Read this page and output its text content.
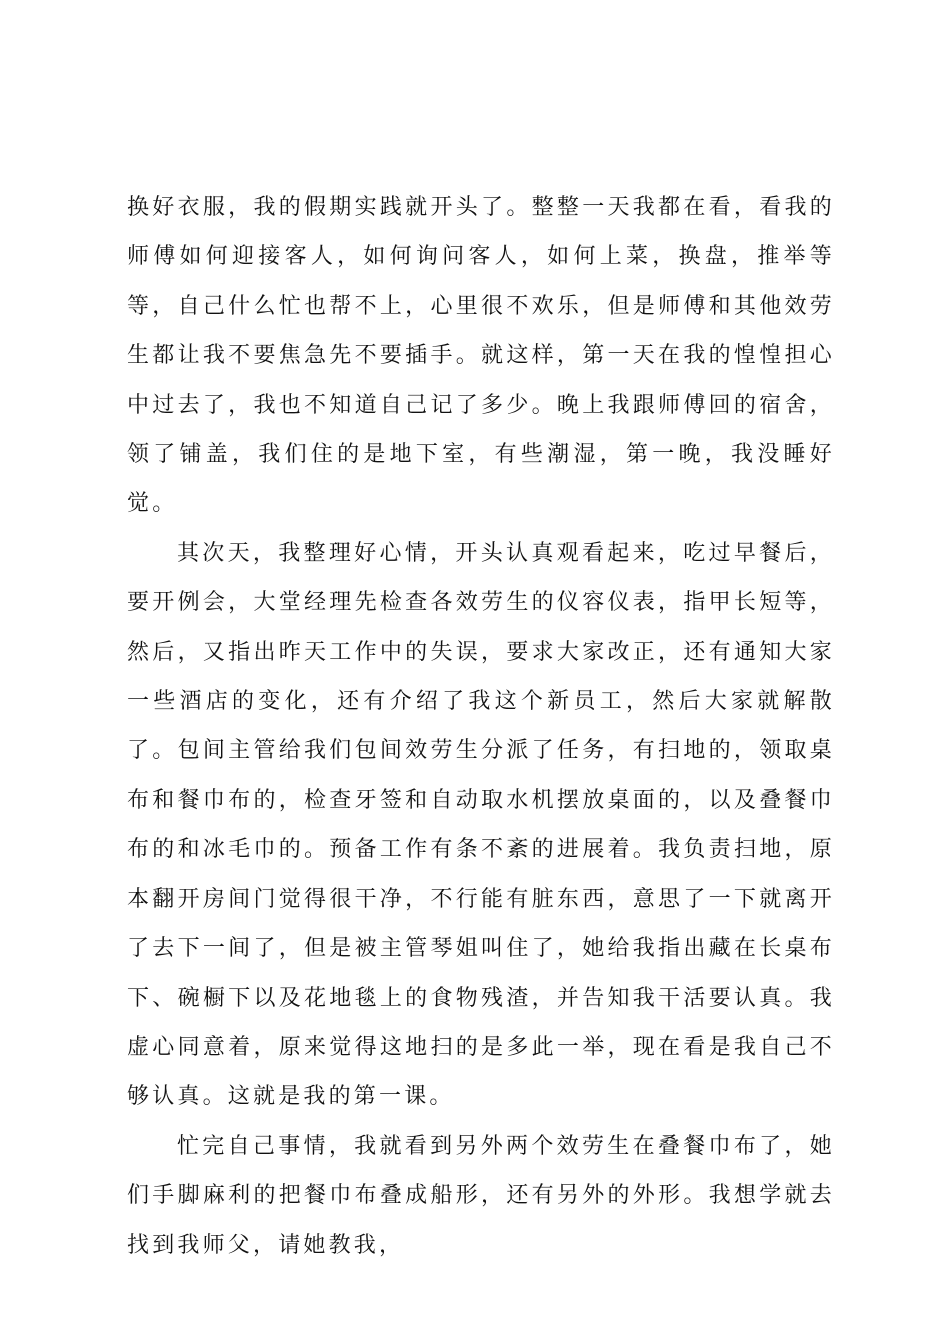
换好衣服，我的假期实践就开头了。整整一天我都在看，看我的师傅如何迎接客人，如何询问客人，如何上菜，换盘，推举等等，自己什么忙也帮不上，心里很不欢乐，但是师傅和其他效劳生都让我不要焦急先不要插手。就这样，第一天在我的惶惶担心中过去了，我也不知道自己记了多少。晚上我跟师傅回的宿舍，领了铺盖，我们住的是地下室，有些潮湿，第一晚，我没睡好觉。

其次天，我整理好心情，开头认真观看起来，吃过早餐后，要开例会，大堂经理先检查各效劳生的仪容仪表，指甲长短等，然后，又指出昨天工作中的失误，要求大家改正，还有通知大家一些酒店的变化，还有介绍了我这个新员工，然后大家就解散了。包间主管给我们包间效劳生分派了任务，有扫地的，领取桌布和餐巾布的，检查牙签和自动取水机摆放桌面的，以及叠餐巾布的和冰毛巾的。预备工作有条不紊的进展着。我负责扫地，原本翻开房间门觉得很干净，不行能有脏东西，意思了一下就离开了去下一间了，但是被主管琴姐叫住了，她给我指出藏在长桌布下、碗橱下以及花地毯上的食物残渣，并告知我干活要认真。我虚心同意着，原来觉得这地扫的是多此一举，现在看是我自己不够认真。这就是我的第一课。

忙完自己事情，我就看到另外两个效劳生在叠餐巾布了，她们手脚麻利的把餐巾布叠成船形，还有另外的外形。我想学就去找到我师父，请她教我，
